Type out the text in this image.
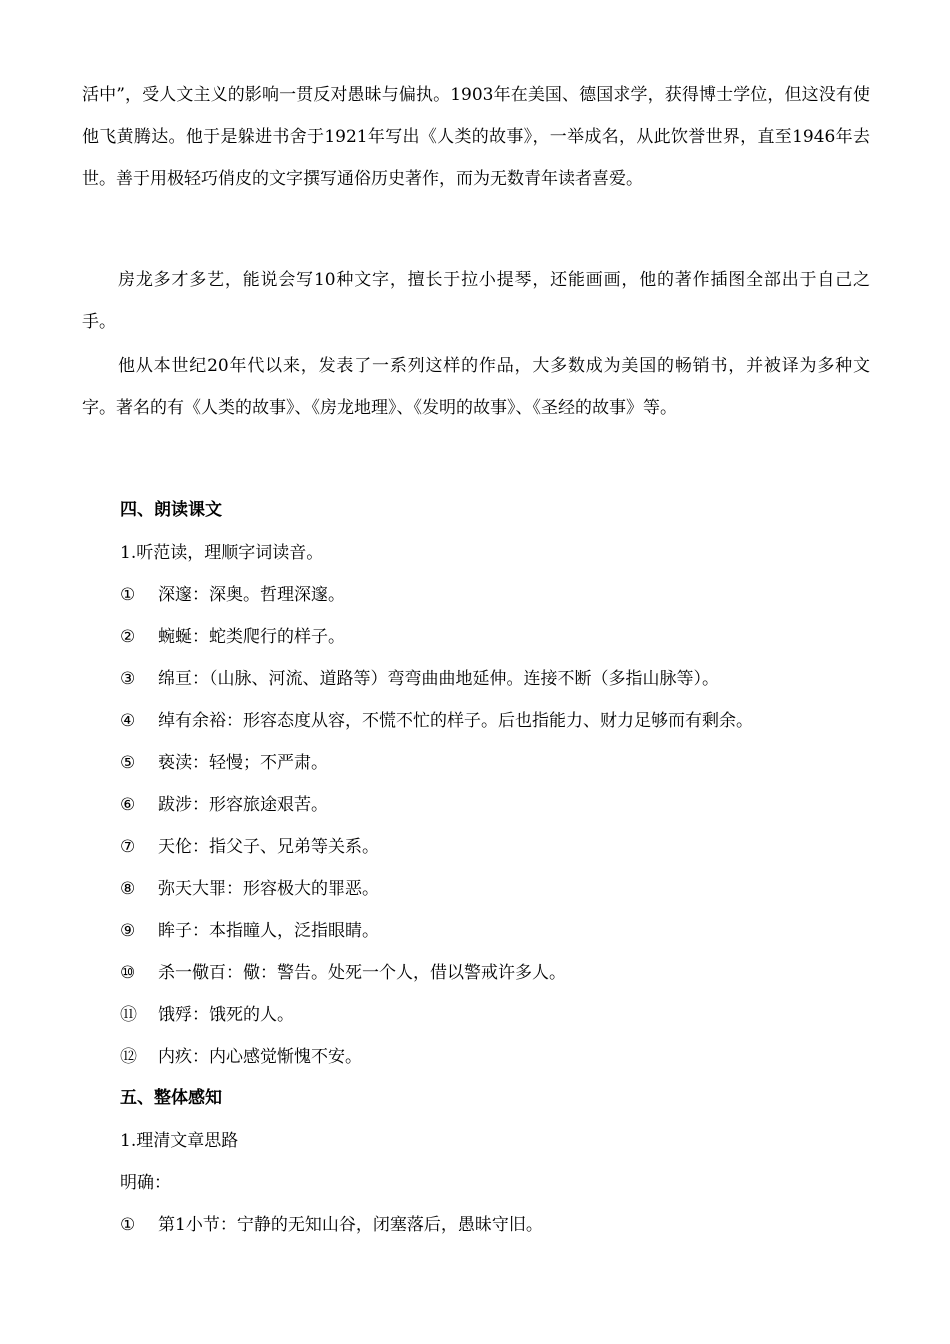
活中”，受人文主义的影响一贯反对愚昧与偏执。1903年在美国、德国求学，获得博士学位，但这没有使他飞黄腾达。他于是躲进书舍于1921年写出《人类的故事》，一举成名，从此饮誉世界，直至1946年去世。善于用极轻巧俏皮的文字撰写通俗历史著作，而为无数青年读者喜爱。

房龙多才多艺，能说会写10种文字，擅长于拉小提琴，还能画画，他的著作插图全部出于自己之手。

他从本世纪20年代以来，发表了一系列这样的作品，大多数成为美国的畅销书，并被译为多种文字。著名的有《人类的故事》、《房龙地理》、《发明的故事》、《圣经的故事》等。

四、朗读课文
1.听范读，理顺字词读音。
① 深邃：深奥。哲理深邃。
② 蜿蜒：蛇类爬行的样子。
③ 绵亘：（山脉、河流、道路等）弯弯曲曲地延伸。连接不断（多指山脉等）。
④ 绰有余裕：形容态度从容，不慌不忙的样子。后也指能力、财力足够而有剩余。
⑤ 亵渎：轻慢；不严肃。
⑥ 跋涉：形容旅途艰苦。
⑦ 天伦：指父子、兄弟等关系。
⑧ 弥天大罪：形容极大的罪恶。
⑨ 眸子：本指瞳人，泛指眼睛。
⑩ 杀一儆百：儆：警告。处死一个人，借以警戒许多人。
⑪ 饿殍：饿死的人。
⑫ 内疚：内心感觉惭愧不安。
五、整体感知
1.理清文章思路
明确：
① 第1小节：宁静的无知山谷，闭塞落后，愚昧守旧。
